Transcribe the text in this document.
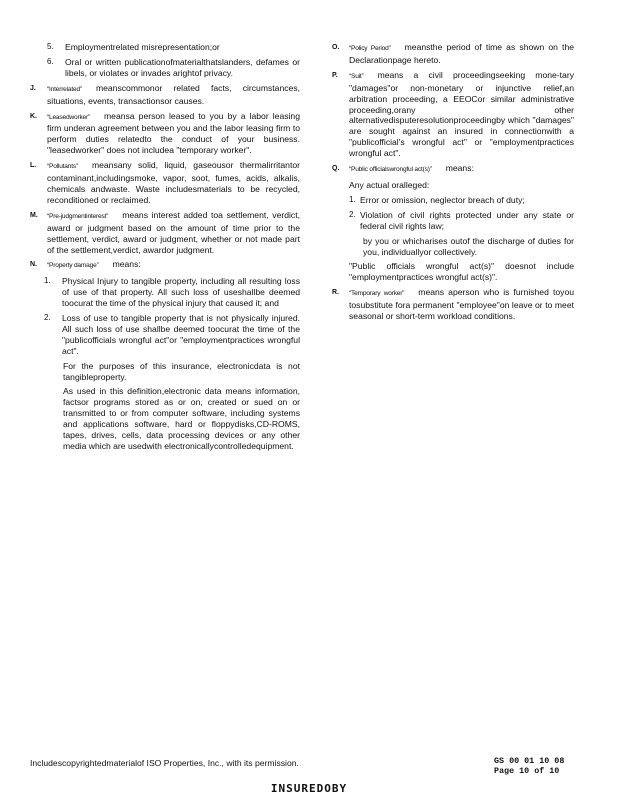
5.	Employmentrelated misrepresentation;or
6.	Oral or written publicationofmaterialthatslanders, defames or libels, or violates or invades arightof privacy.
J.	“Interrelated” meanscommonor related facts, circumstances, situations, events, transactionsor causes.
K.	“Leasedworker” meansa person leased to you by a labor leasing firm underan agreement between you and the labor leasing firm to perform duties relatedto the conduct of your business. "leasedworker" does not includea "temporary worker".
L.	“Pollutants” meansany solid, liquid, gaseousor thermalirritantor contaminant,includingsmoke, vapor, soot, fumes, acids, alkalis, chemicals andwaste. Waste includesmaterials to be recycled, reconditioned or reclaimed.
M.	“Pre-judgmentinterest” means interest added toa settlement, verdict, award or judgment based on the amount of time prior to the settlement, verdict, award or judgment, whether or not made part of the settlement,verdict, awardor judgment.
N.	“Property damage” means:
1.	Physical Injury to tangible property, including all resulting loss of use of that property. All such loss of useshallbe deemed toocurat the time of the physical injury that caused it; and
2.	Loss of use to tangible property that is not physically injured. All such loss of use shallbe deemed toocurat the time of the "publicofficials wrongful act"or "employmentpractices wrongful act".
For the purposes of this insurance, electronicdata is not tangibleproperty.
As used in this definition,electronic data means information, factsor programs stored as or on, created or sued on or transmitted to or from computer software, including systems and applications software, hard or floppydisks,CD-ROMS, tapes, drives, cells, data processing devices or any other media which are usedwith electronicallycontrolledequipment.
O.	“Policy Period” meansthe period of time as shown on the Declarationpage hereto.
P.	“Suit” means a civil proceedingseeking mone-tary "damages"or non-monetary or injunctive relief,an arbitration proceeding, a EEOCor similar administrative proceeding,orany other alternativedisputeresolutionproceedingby which "damages" are sought against an insured in connectionwith a "publicofficial's wrongful act" or "employmentpractices wrongful act".
Q.	“Public officialswrongful act(s)” means:
Any actual oralleged:
1. Error or omission, neglector breach of duty;
2. Violation of civil rights protected under any state or federal civil rights law;
by you or whicharises outof the discharge of duties for you, individuallyor collectively.
"Public officials wrongful act(s)" doesnot include "employmentpractices wrongful act(s)".
R.	“Temporary worker” means aperson who is furnished toyou tosubstitute fora permanent "employee"on leave or to meet seasonal or short-term workload conditions.
Includescopyrightedmaterialof ISO Properties, Inc., with its permission.	GS 00 01 10 08
Page 10 of 10
INSUREDOBY
